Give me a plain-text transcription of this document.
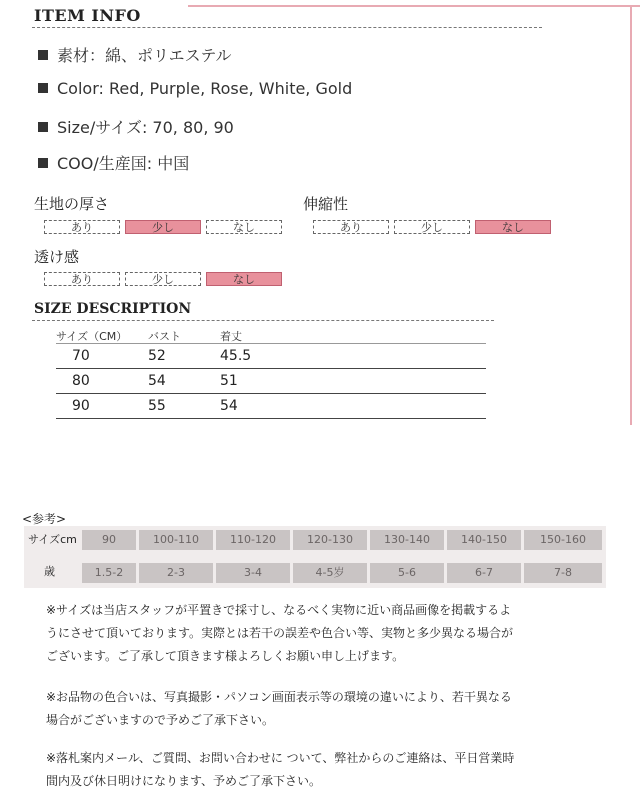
ITEM INFO
素材：綿、ポリエステル
Color: Red, Purple, Rose, White, Gold
Size/サイズ: 70, 80, 90
COO/生産国: 中国
生地の厚さ
あり	少し	なし
伸縮性
あり	少し	なし
透け感
あり	少し	なし
SIZE DESCRIPTION
サイズ（CM） バスト	着丈
70	52	45.5
80	54	51
90	55	54
<参考>
サイズcm	90	100-110	110-120	120-130	130-140	140-150	150-160
歳	1.5-2	2-3	3-4	4-5岁	5-6	6-7	7-8
※サイズは当店スタッフが平置きで採寸し、なるべく実物に近い商品画像を掲載するよ
うにさせて頂いております。実際とは若干の誤差や色合い等、実物と多少異なる場合が
ございます。ご了承して頂きます様よろしくお願い申し上げます。
※お品物の色合いは、写真撮影・パソコン画面表示等の環境の違いにより、若干異なる
場合がございますので予めご了承下さい。
※落札案内メール、ご質問、お問い合わせに ついて、弊社からのご連絡は、平日営業時
間内及び休日明けになります、予めご了承下さい。
